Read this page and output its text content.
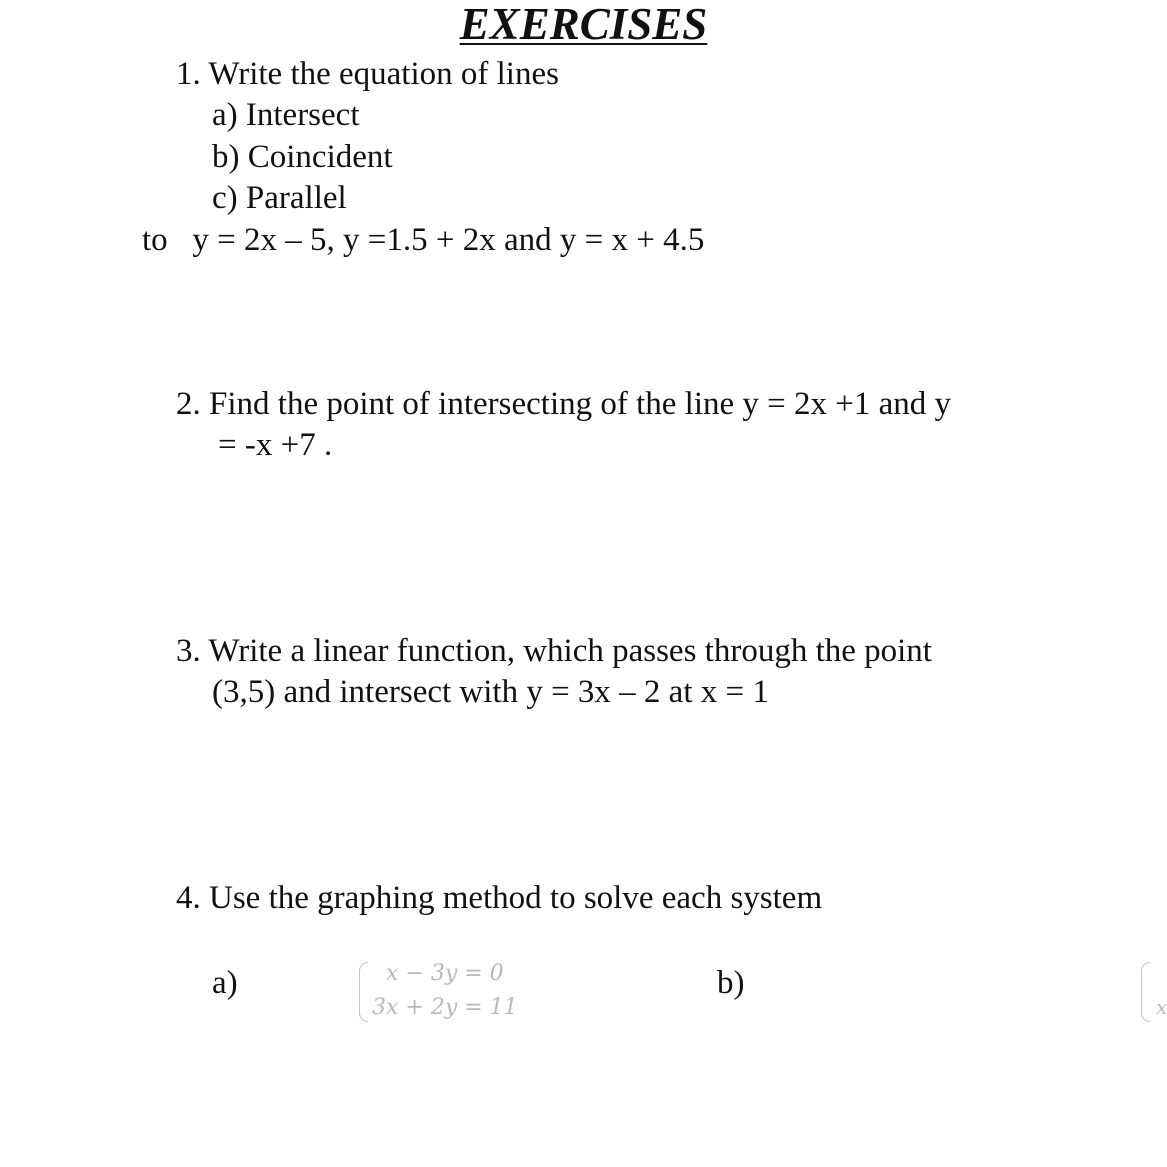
EXERCISES
1. Write the equation of lines
a) Intersect
b) Coincident
c) Parallel
to   y = 2x – 5, y =1.5 + 2x and y = x + 4.5
2. Find the point of intersecting of the line y = 2x +1 and y
= -x +7 .
3. Write a linear function, which passes through the point
(3,5) and intersect with y = 3x – 2 at x = 1
4. Use the graphing method to solve each system
a)	x − 3y = 0
3x + 2y = 11
b)
x
